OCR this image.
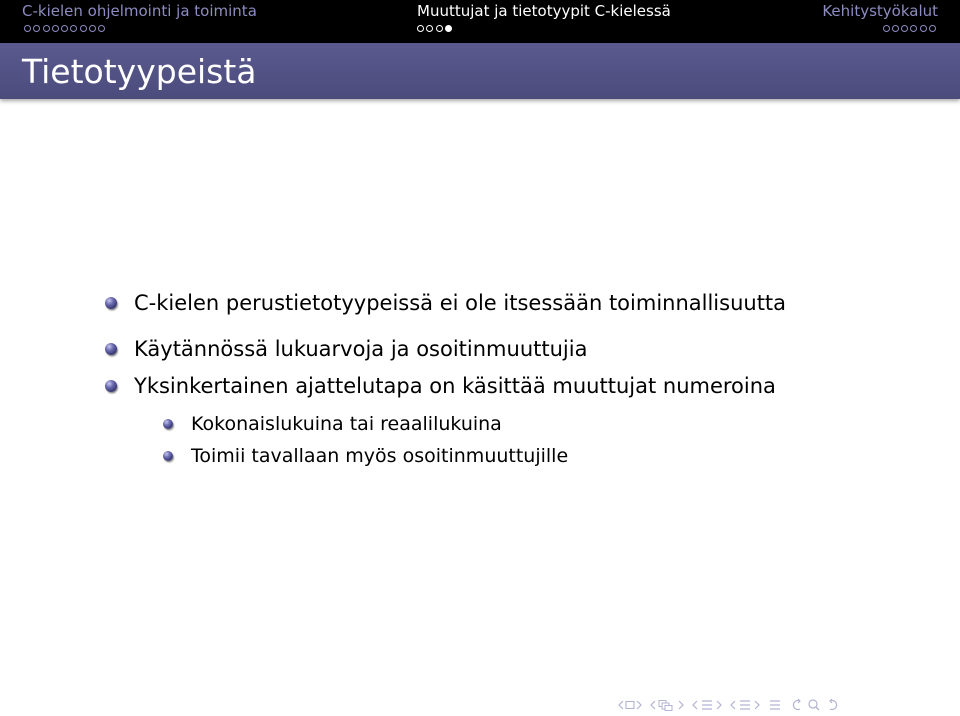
C-kielen ohjelmointi ja toiminta	Muuttujat ja tietotyypit C-kielessä	Kehitystyökalut
Tietotyypeistä
C-kielen perustietotyypeissä ei ole itsessään toiminnallisuutta
Käytännössä lukuarvoja ja osoitinmuuttujia
Yksinkertainen ajattelutapa on käsittää muuttujat numeroina
Kokonaislukuina tai reaalilukuina
Toimii tavallaan myös osoitinmuuttujille
